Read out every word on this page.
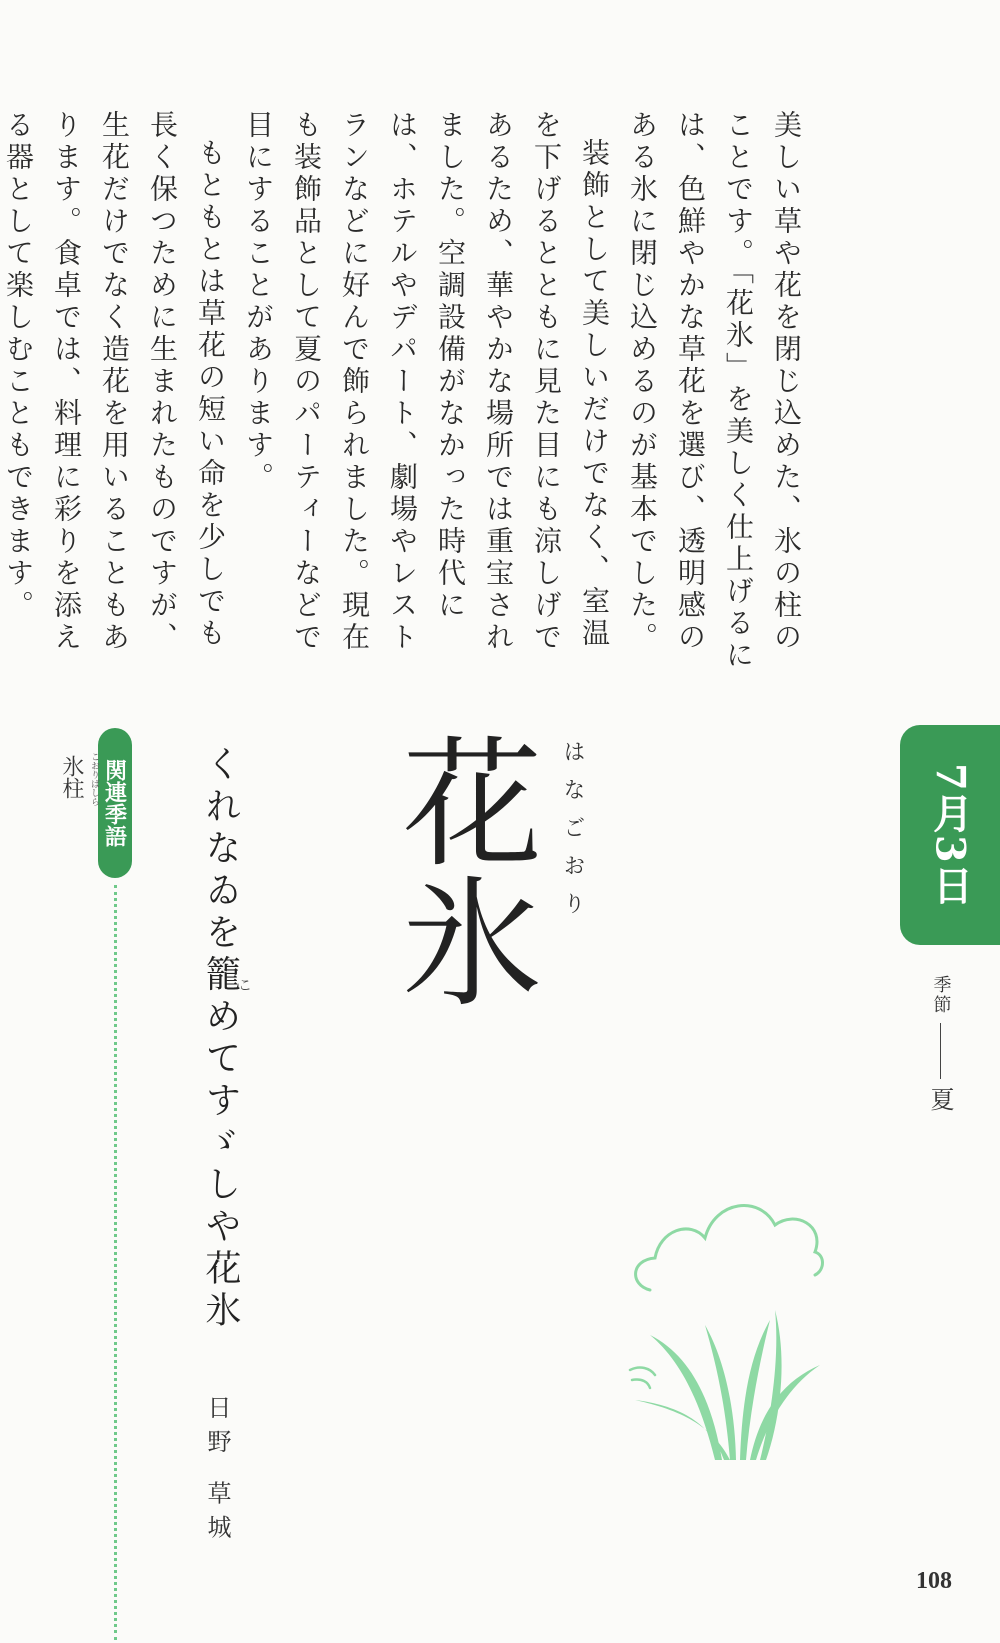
美しい草や花を閉じ込めた、氷の柱のことです。「花氷」を美しく仕上げるには、色鮮やかな草花を選び、透明感のある氷に閉じ込めるのが基本でした。

装飾として美しいだけでなく、室温を下げるとともに見た目にも涼しげであるため、華やかな場所では重宝されました。空調設備がなかった時代には、ホテルやデパート、劇場やレストランなどに好んで飾られました。現在も装飾品として夏のパーティーなどで目にすることがあります。

もともとは草花の短い命を少しでも長く保つために生まれたものですが、生花だけでなく造花を用いることもあります。食卓では、料理に彩りを添える器として楽しむこともできます。

7月3日
季節
夏
花氷 はなごおり
くれなゐを籠めてすゞしや花氷
こ
日野 草城
関連季語
こおりばしら
氷柱
108
